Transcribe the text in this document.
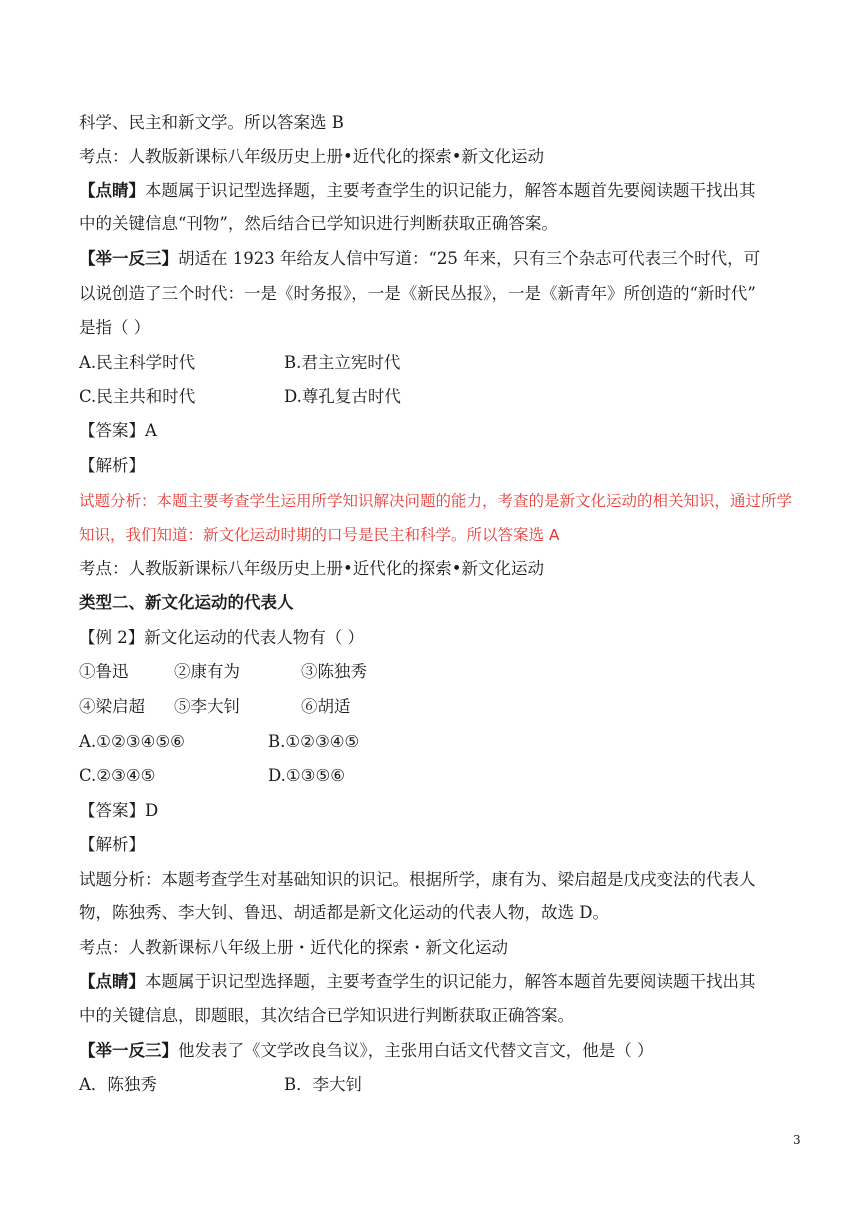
科学、民主和新文学。所以答案选 B
考点：人教版新课标八年级历史上册•近代化的探索•新文化运动
【点睛】本题属于识记型选择题，主要考查学生的识记能力，解答本题首先要阅读题干找出其
中的关键信息“刊物”，然后结合已学知识进行判断获取正确答案。
【举一反三】胡适在 1923 年给友人信中写道：“25 年来，只有三个杂志可代表三个时代，可
以说创造了三个时代：一是《时务报》，一是《新民丛报》，一是《新青年》所创造的“新时代”
是指（ ）
A.民主科学时代	B.君主立宪时代
C.民主共和时代	D.尊孔复古时代
【答案】A
【解析】
试题分析：本题主要考查学生运用所学知识解决问题的能力，考查的是新文化运动的相关知识，通过所学
知识，我们知道：新文化运动时期的口号是民主和科学。所以答案选 A
考点：人教版新课标八年级历史上册•近代化的探索•新文化运动
类型二、新文化运动的代表人
【例 2】新文化运动的代表人物有（ ）
①鲁迅	②康有为	③陈独秀
④梁启超 ⑤李大钊	⑥胡适
A.①②③④⑤⑥	B.①②③④⑤
C.②③④⑤	D.①③⑤⑥
【答案】D
【解析】
试题分析：本题考查学生对基础知识的识记。根据所学，康有为、梁启超是戊戌变法的代表人
物，陈独秀、李大钊、鲁迅、胡适都是新文化运动的代表人物，故选 D。
考点：人教新课标八年级上册・近代化的探索・新文化运动
【点睛】本题属于识记型选择题，主要考查学生的识记能力，解答本题首先要阅读题干找出其
中的关键信息，即题眼，其次结合已学知识进行判断获取正确答案。
【举一反三】他发表了《文学改良刍议》，主张用白话文代替文言文，他是（ ）
A．陈独秀	B．李大钊
3
